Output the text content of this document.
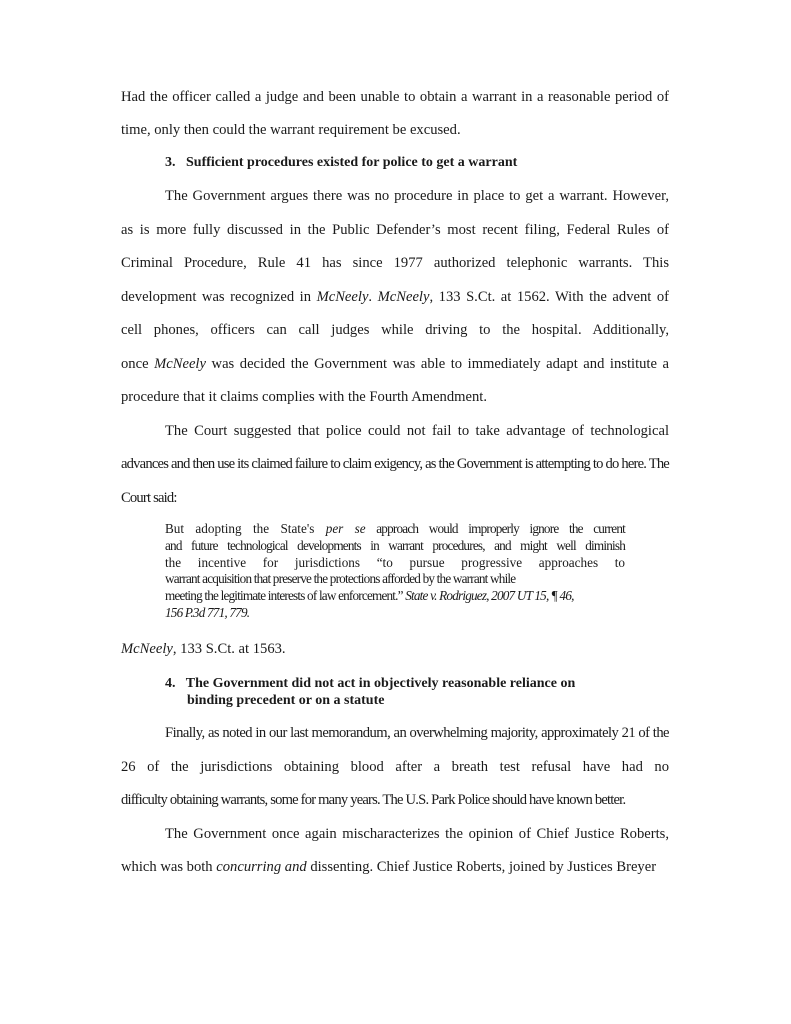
Had the officer called a judge and been unable to obtain a warrant in a reasonable period of
time, only then could the warrant requirement be excused.
3. Sufficient procedures existed for police to get a warrant
The Government argues there was no procedure in place to get a warrant. However,
as is more fully discussed in the Public Defender’s most recent filing, Federal Rules of
Criminal Procedure, Rule 41 has since 1977 authorized telephonic warrants. This
development was recognized in McNeely. McNeely, 133 S.Ct. at 1562. With the advent of
cell phones, officers can call judges while driving to the hospital. Additionally,
once McNeely was decided the Government was able to immediately adapt and institute a
procedure that it claims complies with the Fourth Amendment.
The Court suggested that police could not fail to take advantage of technological
advances and then use its claimed failure to claim exigency, as the Government is attempting to do here. The
Court said:
But adopting the State's per se approach would improperly ignore the current
and future technological developments in warrant procedures, and might well diminish
the incentive for jurisdictions “to pursue progressive approaches to
warrant acquisition that preserve the protections afforded by the warrant while
meeting the legitimate interests of law enforcement.” State v. Rodriguez, 2007 UT 15, ¶ 46,
156 P.3d 771, 779.
McNeely, 133 S.Ct. at 1563.
4. The Government did not act in objectively reasonable reliance on
binding precedent or on a statute
Finally, as noted in our last memorandum, an overwhelming majority, approximately 21 of the
26 of the jurisdictions obtaining blood after a breath test refusal have had no
difficulty obtaining warrants, some for many years. The U.S. Park Police should have known better.
The Government once again mischaracterizes the opinion of Chief Justice Roberts,
which was both concurring and dissenting. Chief Justice Roberts, joined by Justices Breyer
